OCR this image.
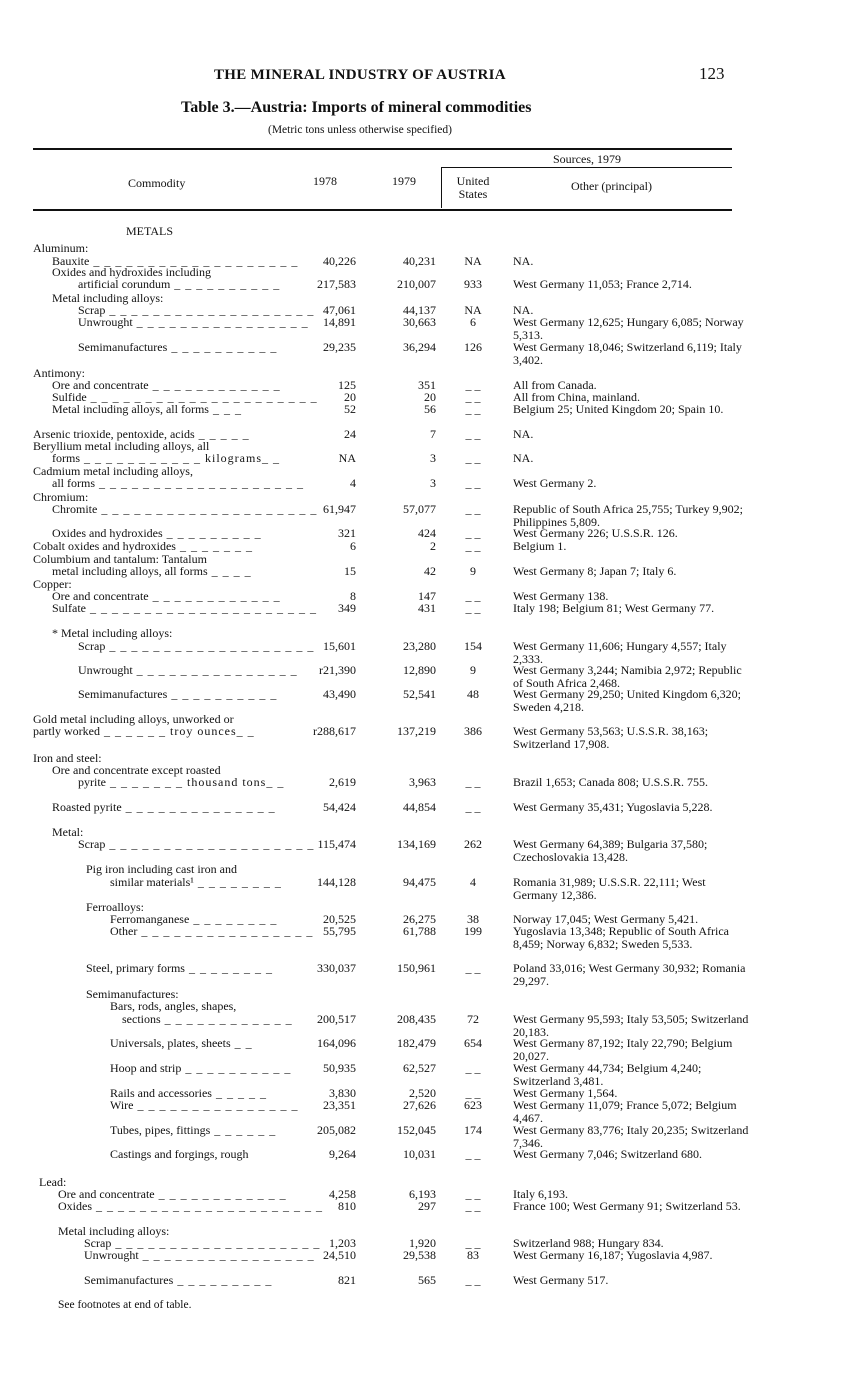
THE MINERAL INDUSTRY OF AUSTRIA	123
Table 3.—Austria: Imports of mineral commodities
(Metric tons unless otherwise specified)
Sources, 1979
Commodity	1978	1979	United States
Other (principal)
METALS
Aluminum:
Bauxite _ _ _ _ _ _ _ _ _ _ _ _ _ _ _ _ _ _ _	40,226	40,231	NA	NA.
Oxides and hydroxides including
artificial corundum _ _ _ _ _ _ _ _ _ _	217,583	210,007	933	West Germany 11,053; France 2,714.
Metal including alloys:
Scrap _ _ _ _ _ _ _ _ _ _ _ _ _ _ _ _ _ _ _ 47,061	44,137	NA	NA.
Unwrought _ _ _ _ _ _ _ _ _ _ _ _ _ _ _ _	14,891	30,663	6	West Germany 12,625; Hungary 6,085; Norway 5,313.
Semimanufactures _ _ _ _ _ _ _ _ _ _	29,235	36,294	126	West Germany 18,046; Switzerland 6,119; Italy 3,402.
Antimony:
Ore and concentrate _ _ _ _ _ _ _ _ _ _ _ _	125	351	_ _	All from Canada.
Sulfide _ _ _ _ _ _ _ _ _ _ _ _ _ _ _ _ _ _ _ _ _	20	20	_ _	All from China, mainland.
Metal including alloys, all forms _ _ _	52	56	_ _	Belgium 25; United Kingdom 20; Spain 10.
Arsenic trioxide, pentoxide, acids _ _ _ _ _	24	7	_ _	NA.
Beryllium metal including alloys, all
forms _ _ _ _ _ _ _ _ _ _ _ kilograms_ _	NA	3	_ _	NA.
Cadmium metal including alloys,
all forms _ _ _ _ _ _ _ _ _ _ _ _ _ _ _ _ _ _ _	4	3	_ _	West Germany 2.
Chromium:
Chromite _ _ _ _ _ _ _ _ _ _ _ _ _ _ _ _ _ _ _ _ 61,947	57,077	_ _	Republic of South Africa 25,755; Turkey 9,902; Philippines 5,809.
Oxides and hydroxides _ _ _ _ _ _ _ _ _	321	424	_ _	West Germany 226; U.S.S.R. 126.
Cobalt oxides and hydroxides _ _ _ _ _ _ _	6	2	_ _	Belgium 1.
Columbium and tantalum: Tantalum
metal including alloys, all forms _ _ _ _	15	42	9	West Germany 8; Japan 7; Italy 6.
Copper:
Ore and concentrate _ _ _ _ _ _ _ _ _ _ _ _	8	147	_ _	West Germany 138.
Sulfate _ _ _ _ _ _ _ _ _ _ _ _ _ _ _ _ _ _ _ _ _	349	431	_ _	Italy 198; Belgium 81; West Germany 77.
* Metal including alloys:
Scrap _ _ _ _ _ _ _ _ _ _ _ _ _ _ _ _ _ _ _ 15,601	23,280	154	West Germany 11,606; Hungary 4,557; Italy 2,333.
Unwrought _ _ _ _ _ _ _ _ _ _ _ _ _ _ _	r21,390	12,890	9	West Germany 3,244; Namibia 2,972; Republic of South Africa 2,468.
Semimanufactures _ _ _ _ _ _ _ _ _ _	43,490	52,541	48	West Germany 29,250; United Kingdom 6,320; Sweden 4,218.
Gold metal including alloys, unworked or
partly worked _ _ _ _ _ _ troy ounces_ _	r288,617	137,219	386	West Germany 53,563; U.S.S.R. 38,163; Switzerland 17,908.
Iron and steel:
Ore and concentrate except roasted
pyrite _ _ _ _ _ _ _ thousand tons_ _	2,619	3,963	_ _	Brazil 1,653; Canada 808; U.S.S.R. 755.
Roasted pyrite _ _ _ _ _ _ _ _ _ _ _ _ _ _	54,424	44,854	_ _	West Germany 35,431; Yugoslavia 5,228.
Metal:
Scrap _ _ _ _ _ _ _ _ _ _ _ _ _ _ _ _ _ _ _ 115,474	134,169	262	West Germany 64,389; Bulgaria 37,580; Czechoslovakia 13,428.
Pig iron including cast iron and
similar materials¹ _ _ _ _ _ _ _ _	144,128	94,475	4	Romania 31,989; U.S.S.R. 22,111; West Germany 12,386.
Ferroalloys:
Ferromanganese _ _ _ _ _ _ _ _	20,525	26,275	38	Norway 17,045; West Germany 5,421.
Other _ _ _ _ _ _ _ _ _ _ _ _ _ _ _ _ 55,795	61,788	199	Yugoslavia 13,348; Republic of South Africa 8,459; Norway 6,832; Sweden 5,533.
Steel, primary forms _ _ _ _ _ _ _ _	330,037	150,961	_ _	Poland 33,016; West Germany 30,932; Romania 29,297.
Semimanufactures:
Bars, rods, angles, shapes,
sections _ _ _ _ _ _ _ _ _ _ _ _	200,517	208,435	72	West Germany 95,593; Italy 53,505; Switzerland 20,183.
Universals, plates, sheets _ _	164,096	182,479	654	West Germany 87,192; Italy 22,790; Belgium 20,027.
Hoop and strip _ _ _ _ _ _ _ _ _ _	50,935	62,527	_ _	West Germany 44,734; Belgium 4,240; Switzerland 3,481.
Rails and accessories _ _ _ _ _	3,830	2,520	_ _	West Germany 1,564.
Wire _ _ _ _ _ _ _ _ _ _ _ _ _ _ _	23,351	27,626	623	West Germany 11,079; France 5,072; Belgium 4,467.
Tubes, pipes, fittings _ _ _ _ _ _	205,082	152,045	174	West Germany 83,776; Italy 20,235; Switzerland 7,346.
Castings and forgings, rough	9,264	10,031	_ _	West Germany 7,046; Switzerland 680.
Lead:
Ore and concentrate _ _ _ _ _ _ _ _ _ _ _ _	4,258	6,193	_ _	Italy 6,193.
Oxides _ _ _ _ _ _ _ _ _ _ _ _ _ _ _ _ _ _ _ _ _	810	297	_ _	France 100; West Germany 91; Switzerland 53.
Metal including alloys:
Scrap _ _ _ _ _ _ _ _ _ _ _ _ _ _ _ _ _ _ _ 1,203	1,920	_ _	Switzerland 988; Hungary 834.
Unwrought _ _ _ _ _ _ _ _ _ _ _ _ _ _ _ _ 24,510	29,538	83	West Germany 16,187; Yugoslavia 4,987.
Semimanufactures _ _ _ _ _ _ _ _ _	821	565	_ _	West Germany 517.
See footnotes at end of table.
